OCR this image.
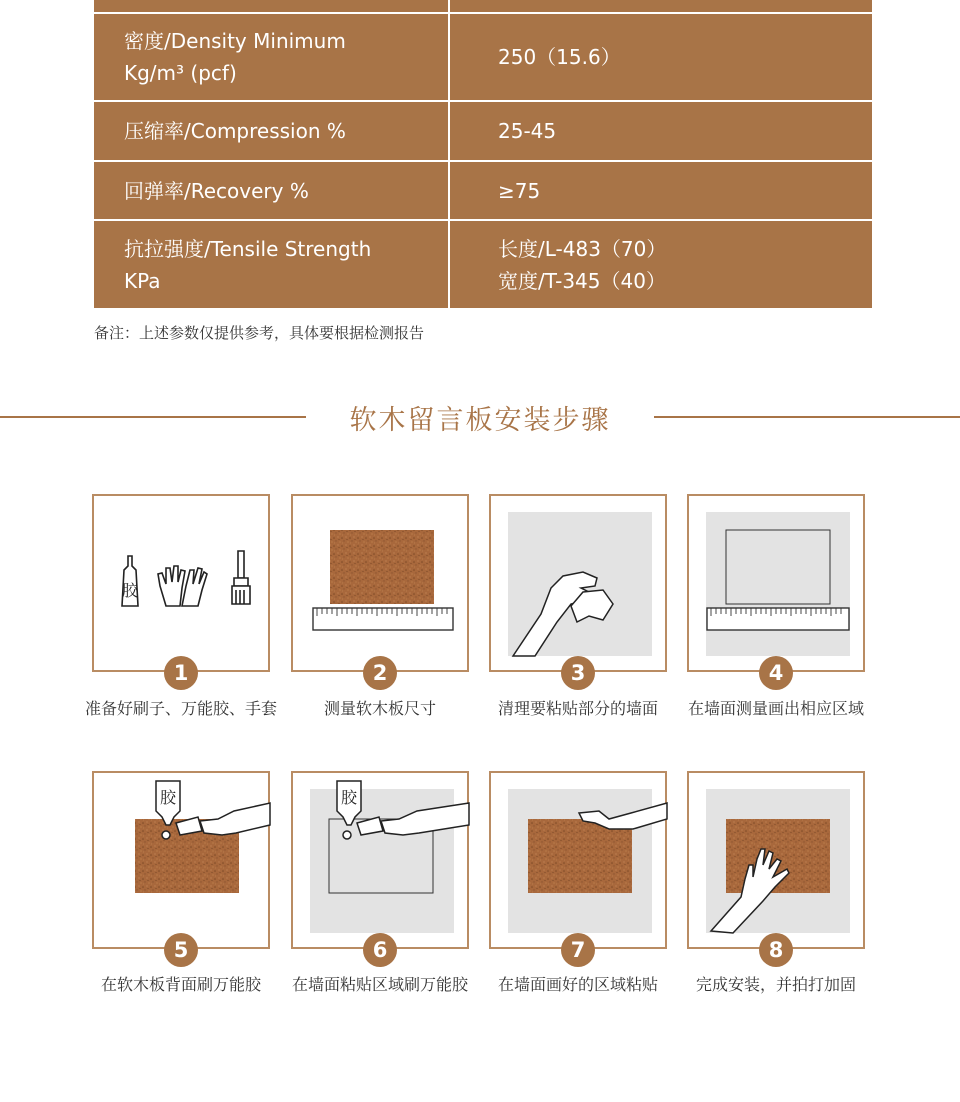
密度/Density Minimum
Kg/m³ (pcf)
250（15.6）
压缩率/Compression %	25-45
回弹率/Recovery %	≥75
抗拉强度/Tensile Strength
KPa
长度/L-483（70）
宽度/T-345（40）
备注：上述参数仅提供参考，具体要根据检测报告
软木留言板安装步骤
胶
1
准备好刷子、万能胶、手套
2
测量软木板尺寸
3
清理要粘贴部分的墙面
4
在墙面测量画出相应区域
胶
5
在软木板背面刷万能胶
胶
6
在墙面粘贴区域刷万能胶
7
在墙面画好的区域粘贴
8
完成安装，并拍打加固
